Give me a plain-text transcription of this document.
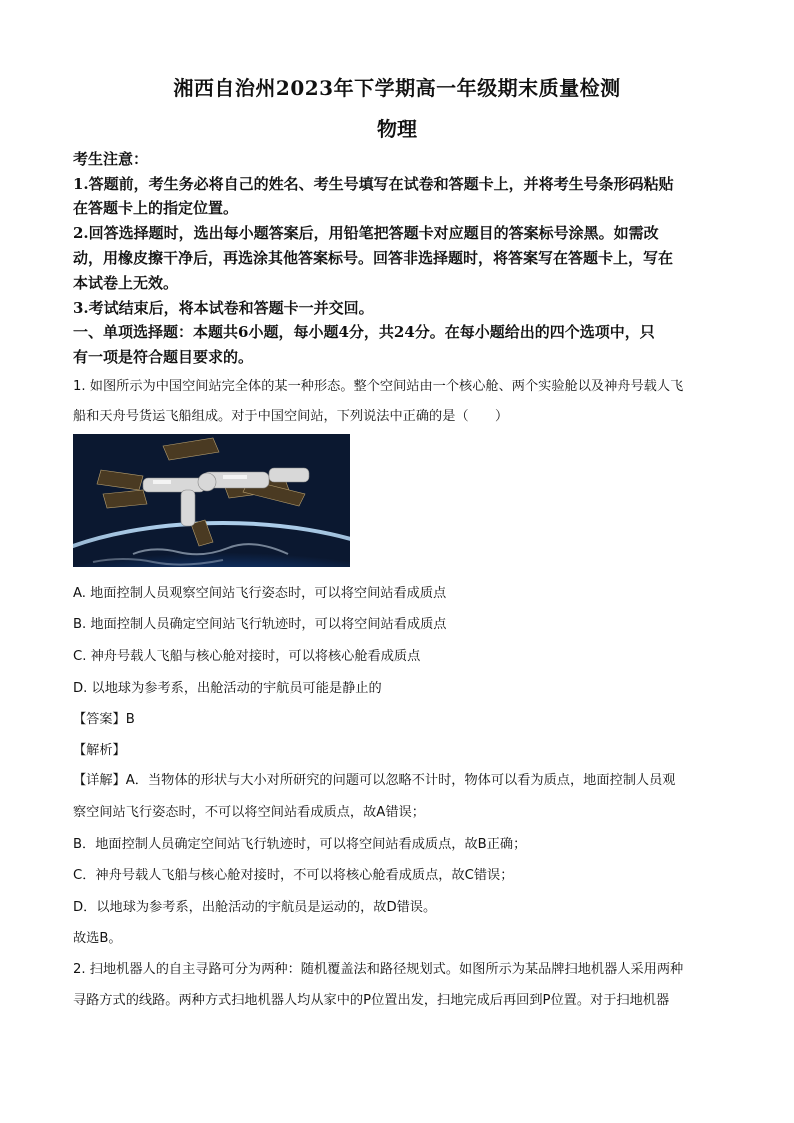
湘西自治州2023年下学期高一年级期末质量检测
物理
考生注意：
1.答题前，考生务必将自己的姓名、考生号填写在试卷和答题卡上，并将考生号条形码粘贴
在答题卡上的指定位置。
2.回答选择题时，选出每小题答案后，用铅笔把答题卡对应题目的答案标号涂黑。如需改
动，用橡皮擦干净后，再选涂其他答案标号。回答非选择题时，将答案写在答题卡上，写在
本试卷上无效。
3.考试结束后，将本试卷和答题卡一并交回。
一、单项选择题：本题共6小题，每小题4分，共24分。在每小题给出的四个选项中，只
有一项是符合题目要求的。
1. 如图所示为中国空间站完全体的某一种形态。整个空间站由一个核心舱、两个实验舱以及神舟号载人飞
船和天舟号货运飞船组成。对于中国空间站，下列说法中正确的是（　　）
A. 地面控制人员观察空间站飞行姿态时，可以将空间站看成质点
B. 地面控制人员确定空间站飞行轨迹时，可以将空间站看成质点
C. 神舟号载人飞船与核心舱对接时，可以将核心舱看成质点
D. 以地球为参考系，出舱活动的宇航员可能是静止的
【答案】B
【解析】
【详解】A．当物体的形状与大小对所研究的问题可以忽略不计时，物体可以看为质点，地面控制人员观
察空间站飞行姿态时，不可以将空间站看成质点，故A错误；
B．地面控制人员确定空间站飞行轨迹时，可以将空间站看成质点，故B正确；
C．神舟号载人飞船与核心舱对接时，不可以将核心舱看成质点，故C错误；
D．以地球为参考系，出舱活动的宇航员是运动的，故D错误。
故选B。
2. 扫地机器人的自主寻路可分为两种：随机覆盖法和路径规划式。如图所示为某品牌扫地机器人采用两种
寻路方式的线路。两种方式扫地机器人均从家中的P位置出发，扫地完成后再回到P位置。对于扫地机器
